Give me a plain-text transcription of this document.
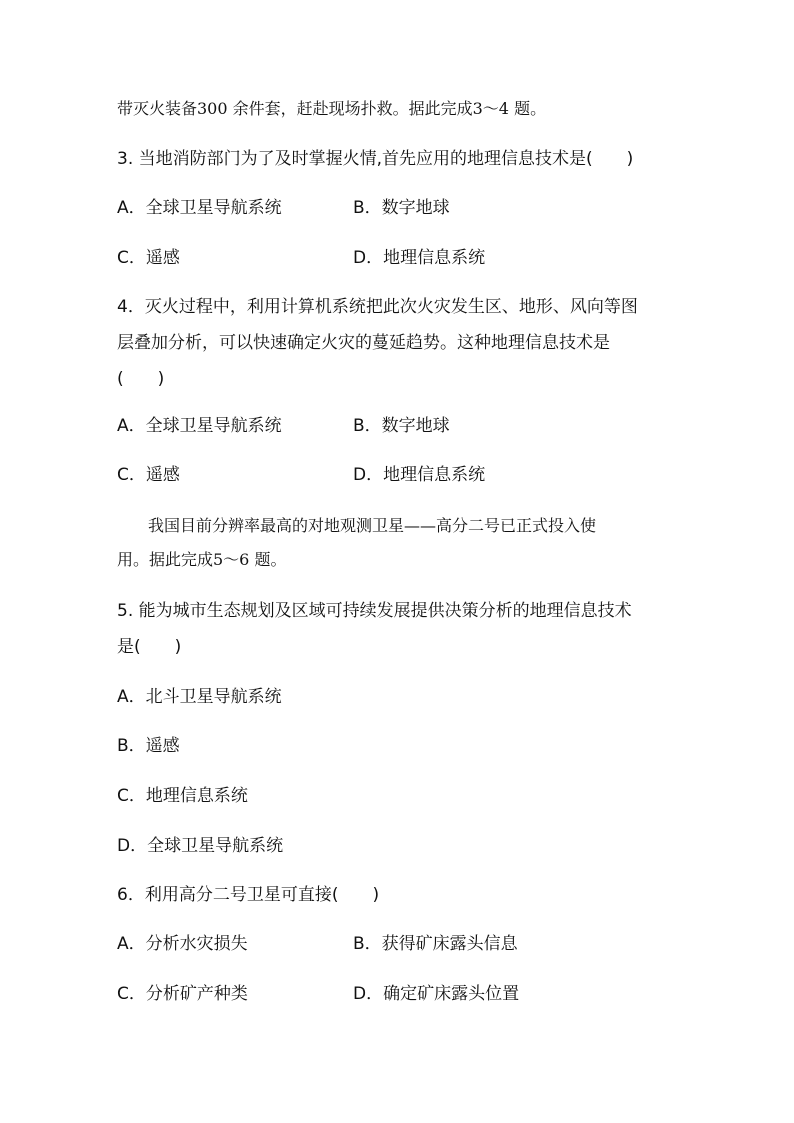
带灭火装备300 余件套，赶赴现场扑救。据此完成3～4 题。
3. 当地消防部门为了及时掌握火情,首先应用的地理信息技术是(　　)
A．全球卫星导航系统	B．数字地球
C．遥感	D．地理信息系统
4．灭火过程中，利用计算机系统把此次火灾发生区、地形、风向等图
层叠加分析，可以快速确定火灾的蔓延趋势。这种地理信息技术是
(　　)
A．全球卫星导航系统	B．数字地球
C．遥感	D．地理信息系统
我国目前分辨率最高的对地观测卫星——高分二号已正式投入使
用。据此完成5～6 题。
5. 能为城市生态规划及区域可持续发展提供决策分析的地理信息技术
是(　　)
A．北斗卫星导航系统
B．遥感
C．地理信息系统
D．全球卫星导航系统
6．利用高分二号卫星可直接(　　)
A．分析水灾损失	B．获得矿床露头信息
C．分析矿产种类	D．确定矿床露头位置
